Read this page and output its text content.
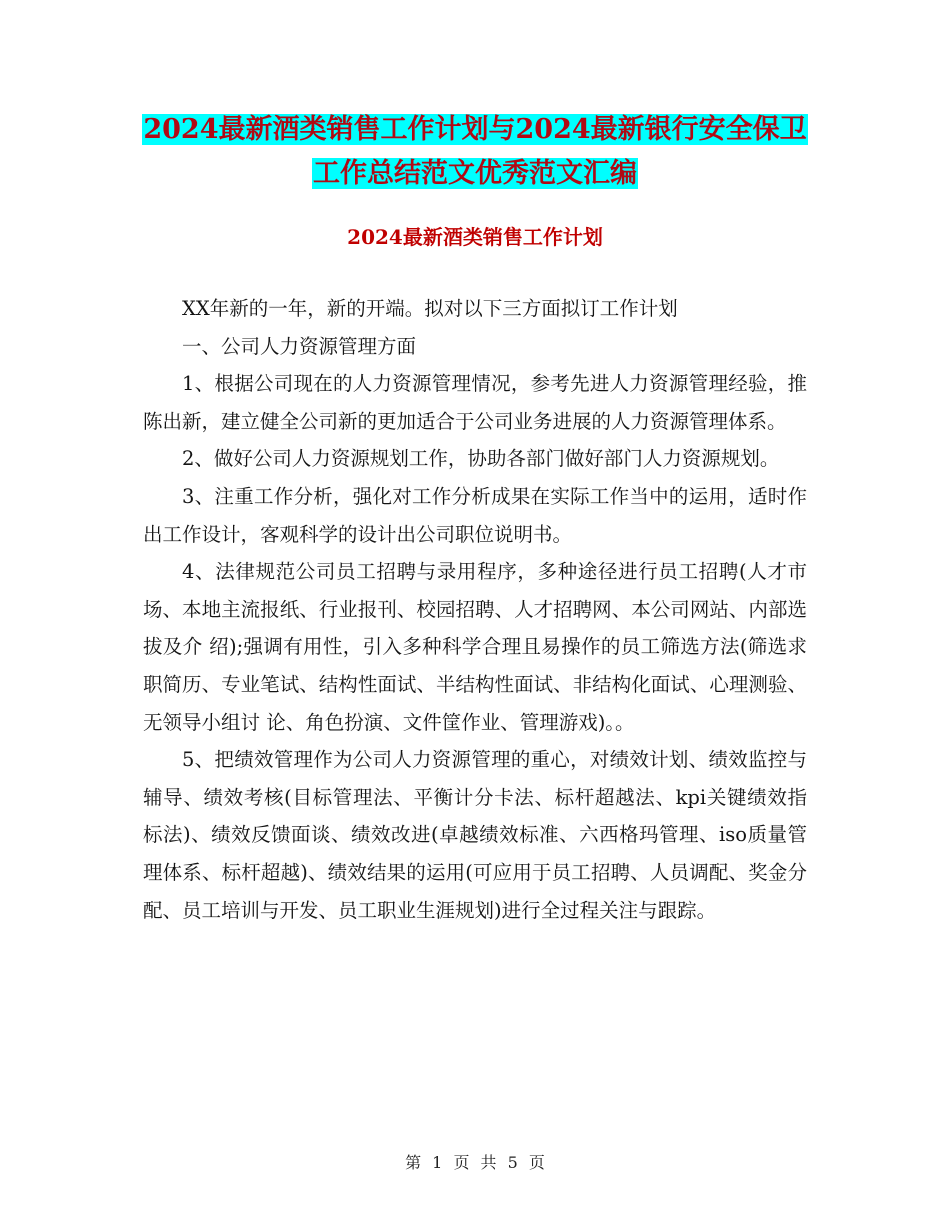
2024最新酒类销售工作计划与2024最新银行安全保卫
工作总结范文优秀范文汇编
2024最新酒类销售工作计划

XX年新的一年，新的开端。拟对以下三方面拟订工作计划

一、公司人力资源管理方面

1、根据公司现在的人力资源管理情况，参考先进人力资源管理经验，推陈出新，建立健全公司新的更加适合于公司业务进展的人力资源管理体系。

2、做好公司人力资源规划工作，协助各部门做好部门人力资源规划。

3、注重工作分析，强化对工作分析成果在实际工作当中的运用，适时作出工作设计，客观科学的设计出公司职位说明书。

4、法律规范公司员工招聘与录用程序，多种途径进行员工招聘(人才市场、本地主流报纸、行业报刊、校园招聘、人才招聘网、本公司网站、内部选拔及介 绍);强调有用性，引入多种科学合理且易操作的员工筛选方法(筛选求职简历、专业笔试、结构性面试、半结构性面试、非结构化面试、心理测验、无领导小组讨 论、角色扮演、文件筐作业、管理游戏)。。

5、把绩效管理作为公司人力资源管理的重心，对绩效计划、绩效监控与辅导、绩效考核(目标管理法、平衡计分卡法、标杆超越法、kpi关键绩效指 标法)、绩效反馈面谈、绩效改进(卓越绩效标准、六西格玛管理、iso质量管理体系、标杆超越)、绩效结果的运用(可应用于员工招聘、人员调配、奖金分 配、员工培训与开发、员工职业生涯规划)进行全过程关注与跟踪。

第 1 页 共 5 页
